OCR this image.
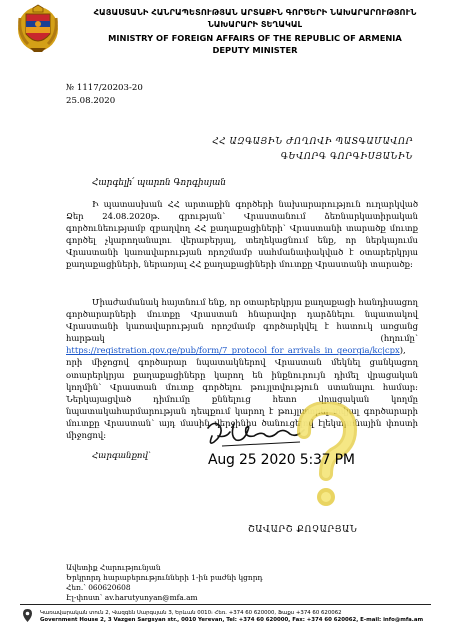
ՀԱՅԱՍՏԱՆԻ ՀԱՆՐԱՊԵՏՈՒԹՅԱՆ ԱՐՏԱՔԻՆ ԳՈՐԾԵՐԻ ՆԱԽԱՐԱՐՈՒԹՅՈՒՆ
ՆԱԽԱՐԱՐԻ ՏԵՂԱԿԱԼ
MINISTRY OF FOREIGN AFFAIRS OF THE REPUBLIC OF ARMENIA
DEPUTY MINISTER
№ 1117/20203-20
25.08.2020
ՀՀ ԱԶԳԱՅԻՆ ԺՈՂՈՎԻ ՊԱՏԳԱՄԱՎՈՐ
ԳԵՎՈՐԳ ԳՈՐԳԻՍՅԱՆԻՆ
Հարգելի՛ պարոն Գորգիսյան
Ի պատասխան ՀՀ արտաքին գործերի նախարարություն ուղարկված Ձեր 24.08.2020թ. գրության՝ Վրաստանում ձեռնարկատիրական գործունեությամբ զբաղվող ՀՀ քաղաքացիների՝ Վրաստանի տարածք մուտք գործել չկարողանալու վերաբերյալ, տեղեկացնում ենք, որ ներկայումս Վրաստանի կառավարության որոշմամբ սահմանափակված է օտարերկրյա քաղաքացիների, ներառյալ ՀՀ քաղաքացիների մուտքը Վրաստանի տարածք:
Միաժամանակ հայտնում ենք, որ օտարերկրյա քաղաքացի հանդիսացող գործարարների մուտքը Վրաստան հնարավոր դարձնելու նպատակով Վրաստանի կառավարության որոշմամբ գործարկվել է հատուկ առցանց հարթակ (հղումը՝ https://registration.gov.ge/pub/form/7_protocol_for_arrivals_in_georgia/kcjcpx), որի միջոցով գործարար նպատակներով Վրաստան մեկնել ցանկացող օտարերկրյա քաղաքացիները կարող են ինքնուրույն դիմել վրացական կողմին՝ Վրաստան մուտք գործելու թույլտվություն ստանալու համար: Ներկայացված դիմումը քննելուց հետո վրացական կողմը նպատակահարմարության դեպքում կարող է թույլատրել տվյալ գործարարի մուտքը Վրաստան՝ այդ մասին վերջինիս ծանուցելով էլեկտրոնային փոստի միջոցով:
Հարգանքով՝	Aug 25 2020 5:37 PM
ՇԱՎԱՐՇ ՔՈՉԱՐՅԱՆ
Ավետիք Հարությունյան
Երկրորդ հարաբերությունների 1-ին բաժնի կցորդ
Հեռ.՝ 060620608
Էլ-փոստ՝ av.harutyunyan@mfa.am
Կառավարական տուն 2, Վազգեն Սարգսյան 3, Երևան 0010։ Հեռ. +374 60 620000, Ֆաքս +374 60 620062
Government House 2, 3 Vazgen Sargsyan str., 0010 Yerevan, Tel: +374 60 620000, Fax: +374 60 620062, E-mail: info@mfa.am
